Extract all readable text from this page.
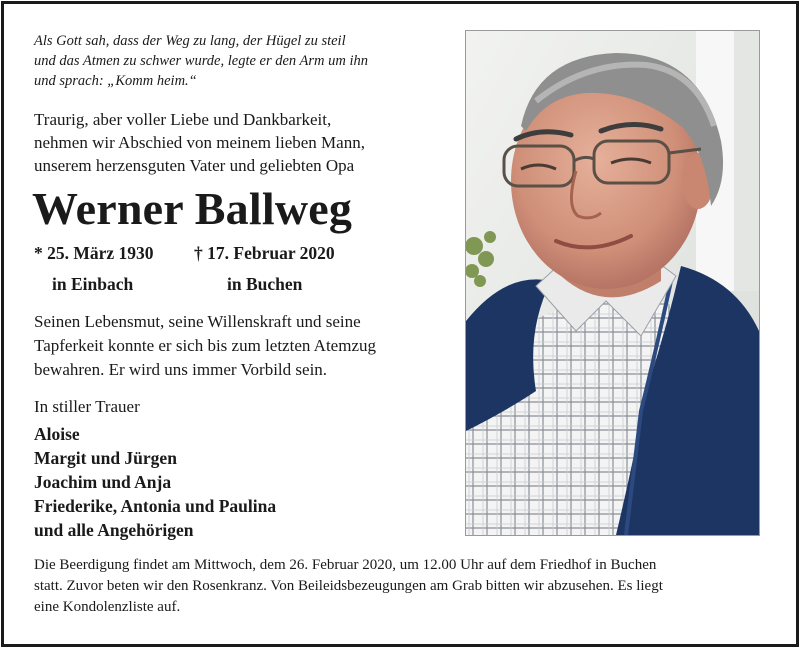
Als Gott sah, dass der Weg zu lang, der Hügel zu steil
und das Atmen zu schwer wurde, legte er den Arm um ihn
und sprach: „Komm heim.“
Traurig, aber voller Liebe und Dankbarkeit,
nehmen wir Abschied von meinem lieben Mann,
unserem herzensguten Vater und geliebten Opa
Werner Ballweg
* 25. März 1930 † 17. Februar 2020
in Einbach	in Buchen
Seinen Lebensmut, seine Willenskraft und seine
Tapferkeit konnte er sich bis zum letzten Atemzug
bewahren. Er wird uns immer Vorbild sein.
In stiller Trauer
Aloise
Margit und Jürgen
Joachim und Anja
Friederike, Antonia und Paulina
und alle Angehörigen
Die Beerdigung findet am Mittwoch, dem 26. Februar 2020, um 12.00 Uhr auf dem Friedhof in Buchen
statt. Zuvor beten wir den Rosenkranz. Von Beileidsbezeugungen am Grab bitten wir abzusehen. Es liegt
eine Kondolenzliste auf.
